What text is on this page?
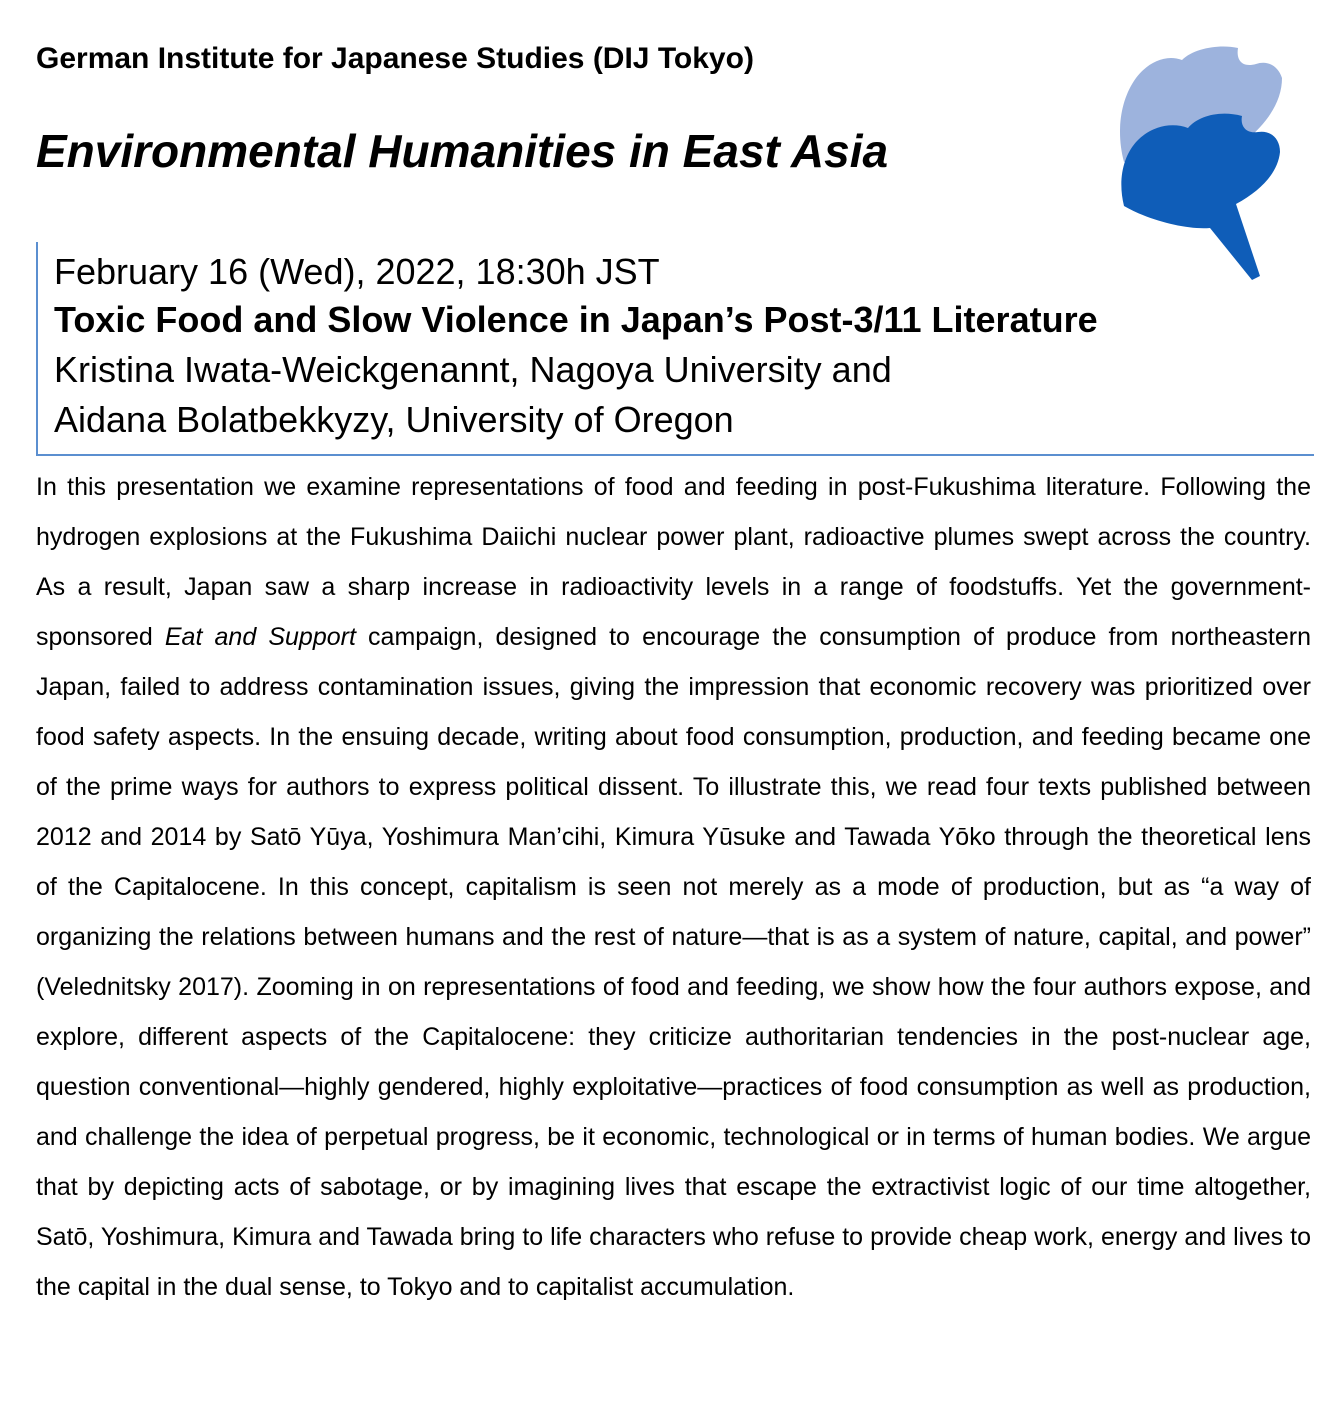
German Institute for Japanese Studies (DIJ Tokyo)
Environmental Humanities in East Asia
February 16 (Wed), 2022, 18:30h JST
Toxic Food and Slow Violence in Japan’s Post-3/11 Literature
Kristina Iwata-Weickgenannt, Nagoya University and
Aidana Bolatbekkyzy, University of Oregon
In this presentation we examine representations of food and feeding in post-Fukushima literature. Following the hydrogen explosions at the Fukushima Daiichi nuclear power plant, radioactive plumes swept across the country. As a result, Japan saw a sharp increase in radioactivity levels in a range of foodstuffs. Yet the government-sponsored Eat and Support campaign, designed to encourage the consumption of produce from northeastern Japan, failed to address contamination issues, giving the impression that economic recovery was prioritized over food safety aspects. In the ensuing decade, writing about food consumption, production, and feeding became one of the prime ways for authors to express political dissent. To illustrate this, we read four texts published between 2012 and 2014 by Satō Yūya, Yoshimura Man’cihi, Kimura Yūsuke and Tawada Yōko through the theoretical lens of the Capitalocene. In this concept, capitalism is seen not merely as a mode of production, but as “a way of organizing the relations between humans and the rest of nature—that is as a system of nature, capital, and power” (Velednitsky 2017). Zooming in on representations of food and feeding, we show how the four authors expose, and explore, different aspects of the Capitalocene: they criticize authoritarian tendencies in the post-nuclear age, question conventional—highly gendered, highly exploitative—practices of food consumption as well as production, and challenge the idea of perpetual progress, be it economic, technological or in terms of human bodies. We argue that by depicting acts of sabotage, or by imagining lives that escape the extractivist logic of our time altogether, Satō, Yoshimura, Kimura and Tawada bring to life characters who refuse to provide cheap work, energy and lives to the capital in the dual sense, to Tokyo and to capitalist accumulation.
